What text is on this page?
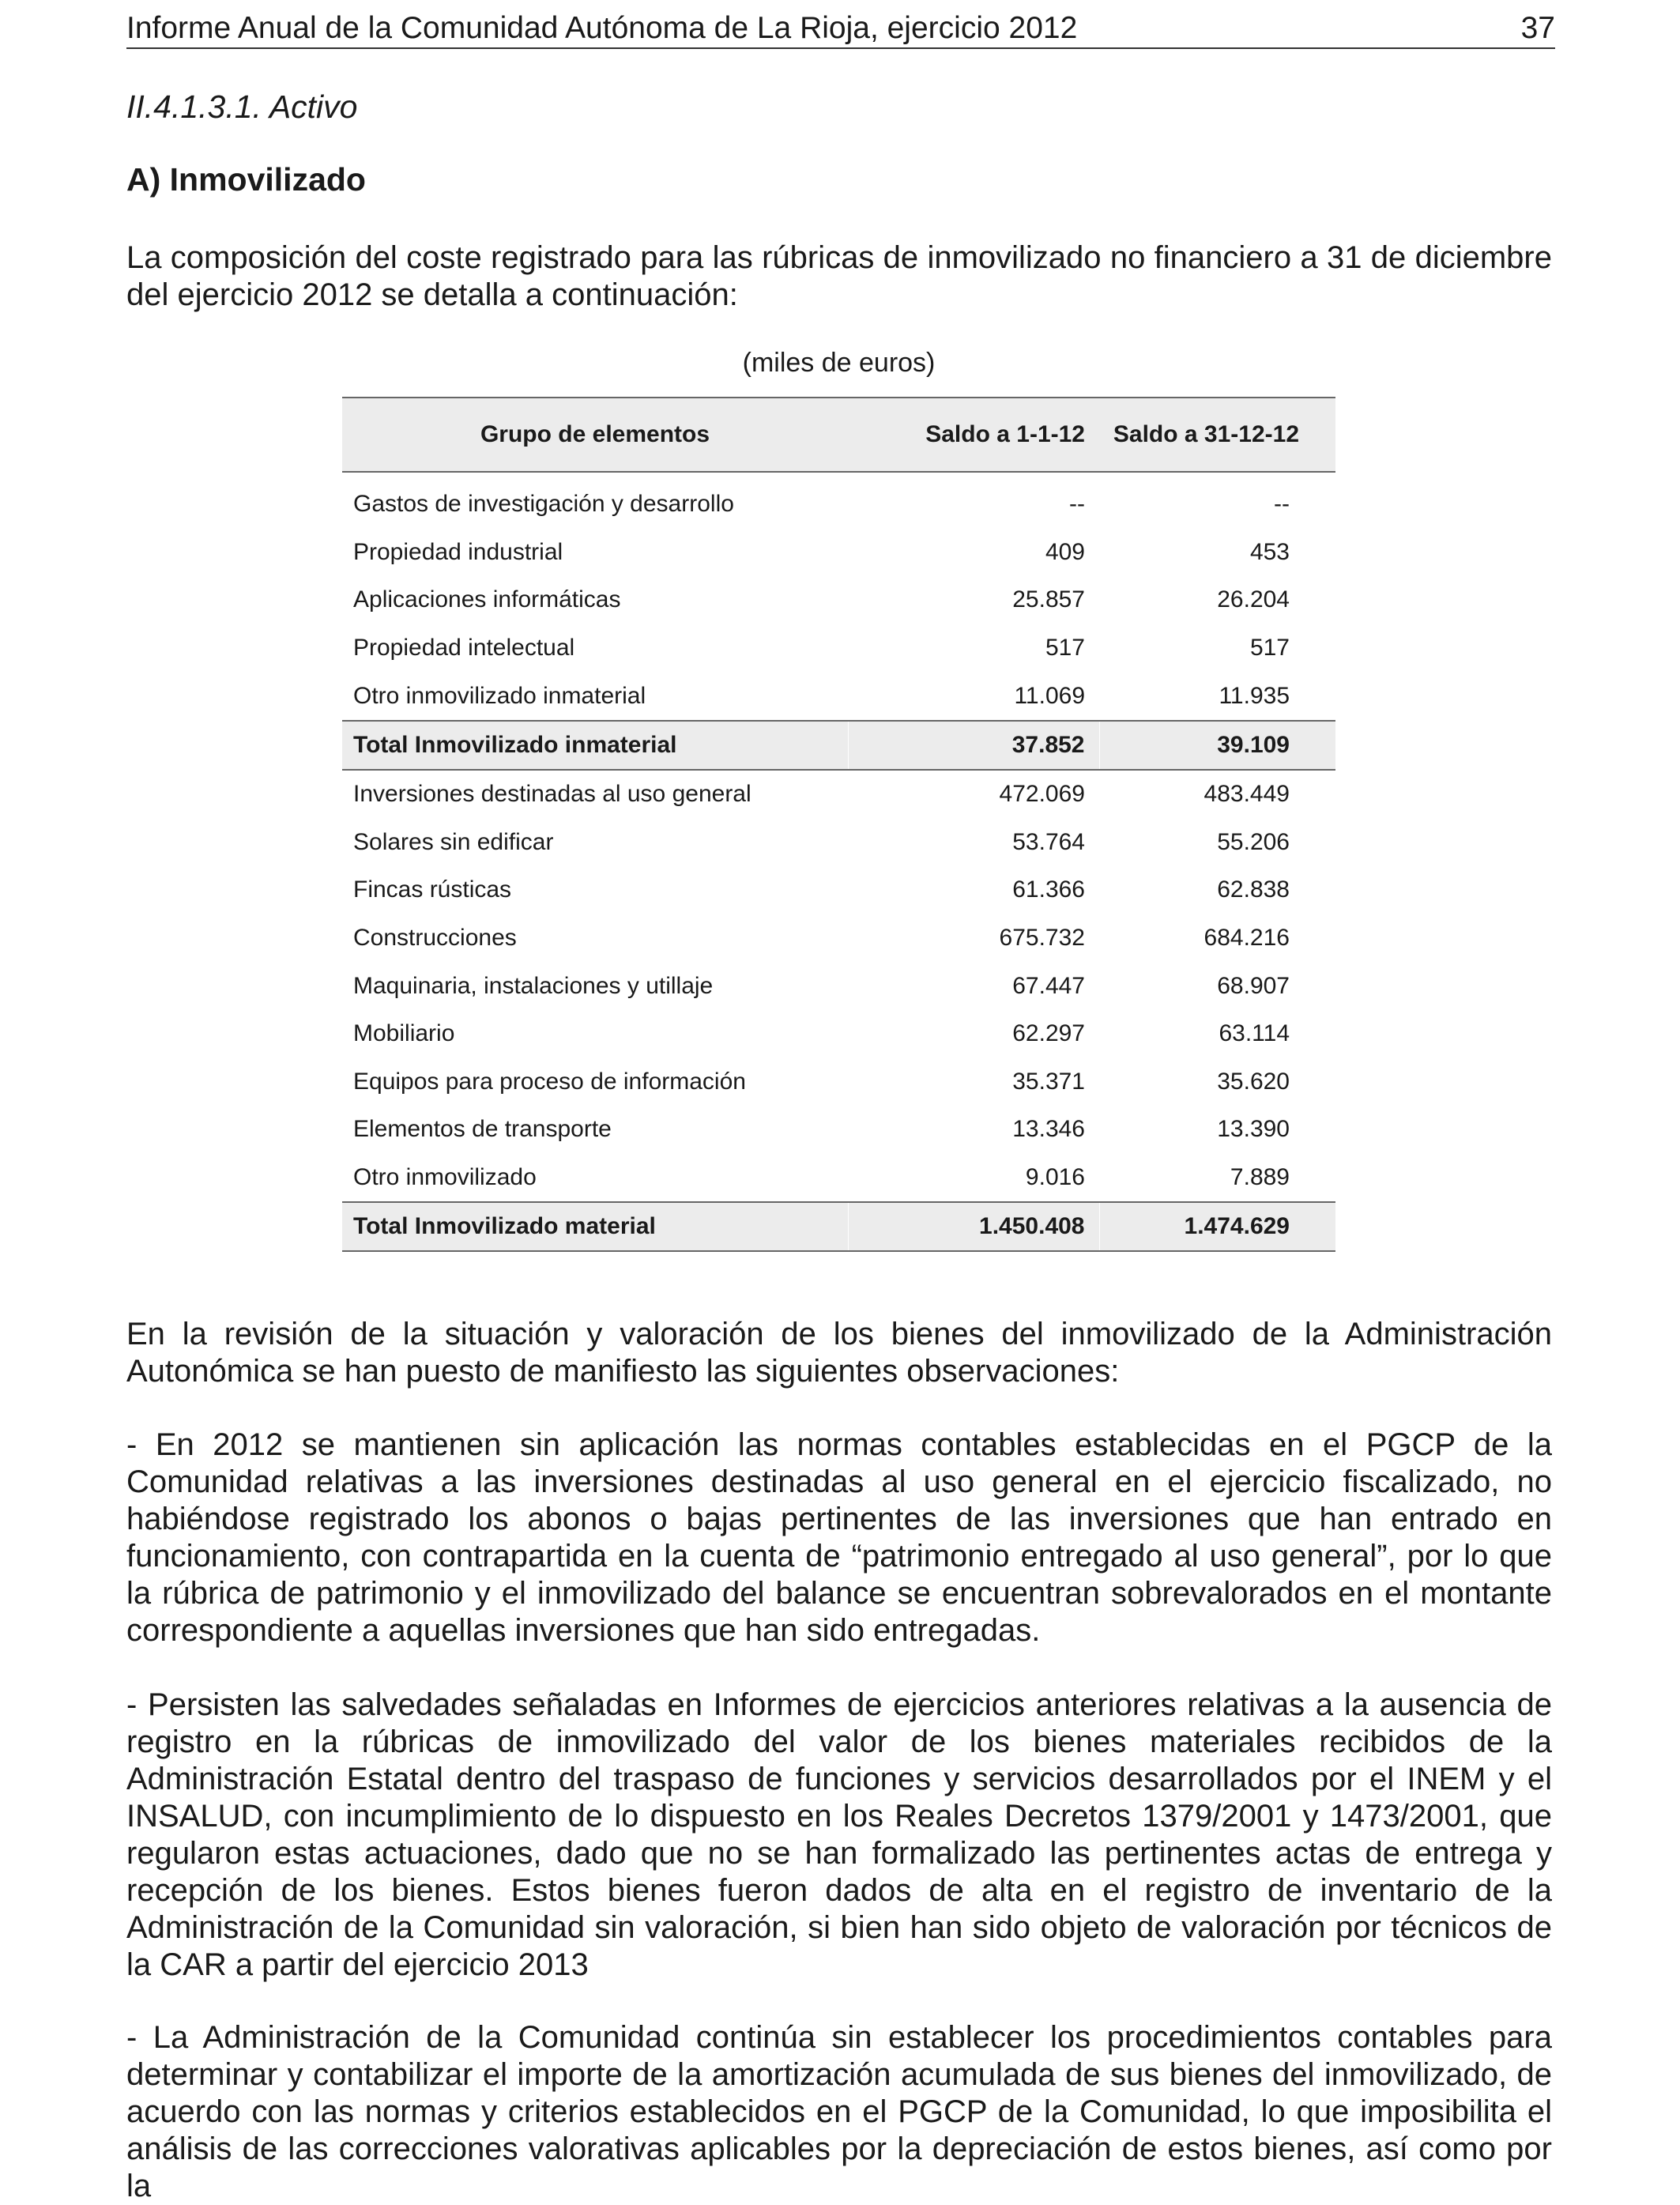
Informe Anual de la Comunidad Autónoma de La Rioja, ejercicio 2012	37
II.4.1.3.1. Activo
A) Inmovilizado

La composición del coste registrado para las rúbricas de inmovilizado no financiero a 31 de diciembre del ejercicio 2012 se detalla a continuación:

(miles de euros)
Grupo de elementos	Saldo a 1-1-12	Saldo a 31-12-12
Gastos de investigación y desarrollo	--	--
Propiedad industrial	409	453
Aplicaciones informáticas	25.857	26.204
Propiedad intelectual	517	517
Otro inmovilizado inmaterial	11.069	11.935
Total Inmovilizado inmaterial	37.852	39.109
Inversiones destinadas al uso general	472.069	483.449
Solares sin edificar	53.764	55.206
Fincas rústicas	61.366	62.838
Construcciones	675.732	684.216
Maquinaria, instalaciones y utillaje	67.447	68.907
Mobiliario	62.297	63.114
Equipos para proceso de información	35.371	35.620
Elementos de transporte	13.346	13.390
Otro inmovilizado	9.016	7.889
Total Inmovilizado material	1.450.408	1.474.629

En la revisión de la situación y valoración de los bienes del inmovilizado de la Administración Autonómica se han puesto de manifiesto las siguientes observaciones:

- En 2012 se mantienen sin aplicación las normas contables establecidas en el PGCP de la Comunidad relativas a las inversiones destinadas al uso general en el ejercicio fiscalizado, no habiéndose registrado los abonos o bajas pertinentes de las inversiones que han entrado en funcionamiento, con contrapartida en la cuenta de “patrimonio entregado al uso general”, por lo que la rúbrica de patrimonio y el inmovilizado del balance se encuentran sobrevalorados en el montante correspondiente a aquellas inversiones que han sido entregadas.

- Persisten las salvedades señaladas en Informes de ejercicios anteriores relativas a la ausencia de registro en la rúbricas de inmovilizado del valor de los bienes materiales recibidos de la Administración Estatal dentro del traspaso de funciones y servicios desarrollados por el INEM y el INSALUD, con incumplimiento de lo dispuesto en los Reales Decretos 1379/2001 y 1473/2001, que regularon estas actuaciones, dado que no se han formalizado las pertinentes actas de entrega y recepción de los bienes. Estos bienes fueron dados de alta en el registro de inventario de la Administración de la Comunidad sin valoración, si bien han sido objeto de valoración por técnicos de la CAR a partir del ejercicio 2013

- La Administración de la Comunidad continúa sin establecer los procedimientos contables para determinar y contabilizar el importe de la amortización acumulada de sus bienes del inmovilizado, de acuerdo con las normas y criterios establecidos en el PGCP de la Comunidad, lo que imposibilita el análisis de las correcciones valorativas aplicables por la depreciación de estos bienes, así como por la
